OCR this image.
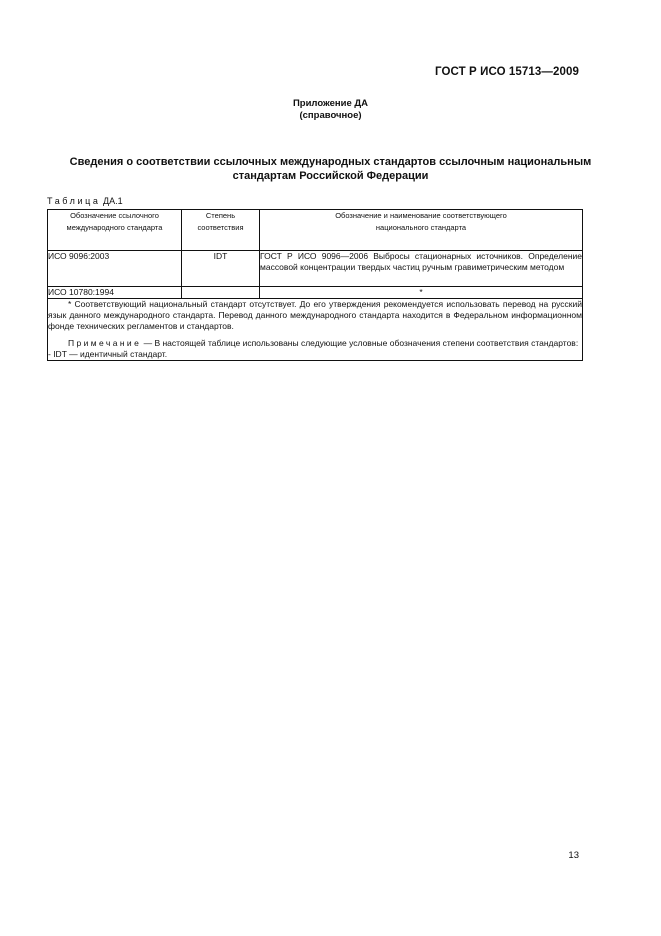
ГОСТ Р ИСО 15713—2009
Приложение ДА
(справочное)
Сведения о соответствии ссылочных международных стандартов ссылочным национальным
стандартам Российской Федерации
Таблица ДА.1
Обозначение ссылочного международного стандарта	Степень соответствия	Обозначение и наименование соответствующего национального стандарта

ИСО 9096:2003	IDT	ГОСТ Р ИСО 9096—2006 Выбросы стационарных источников. Определение массовой концентрации твердых частиц ручным гравиметрическим методом
ИСО 10780:1994		*

* Соответствующий национальный стандарт отсутствует. До его утверждения рекомендуется использовать перевод на русский язык данного международного стандарта. Перевод данного международного стандарта находится в Федеральном информационном фонде технических регламентов и стандартов.

Примечание — В настоящей таблице использованы следующие условные обозначения степени соответствия стандартов:

- IDT — идентичный стандарт.		

13
